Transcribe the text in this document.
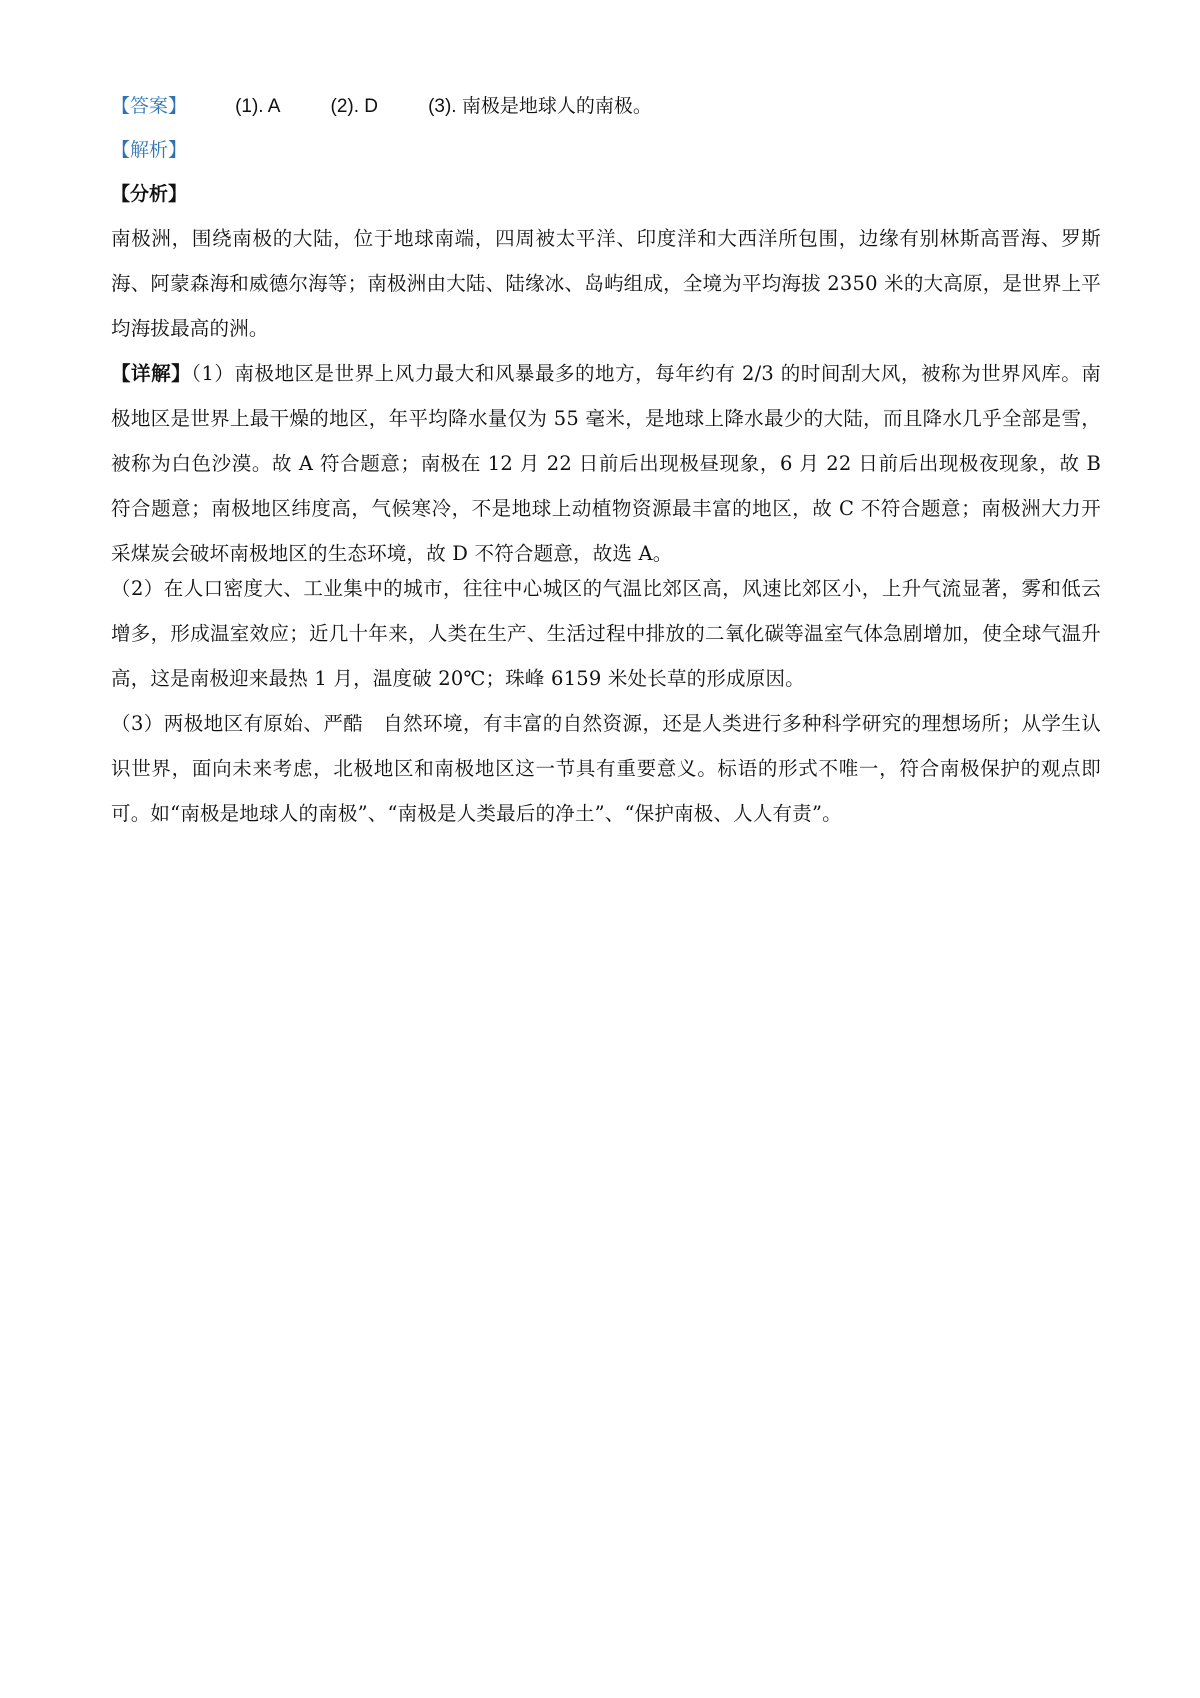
【答案】	(1). A	(2). D	(3). 南极是地球人的南极。
【解析】
【分析】
南极洲，围绕南极的大陆，位于地球南端，四周被太平洋、印度洋和大西洋所包围，边缘有别林斯高晋海、罗斯海、阿蒙森海和威德尔海等；南极洲由大陆、陆缘冰、岛屿组成，全境为平均海拔 2350 米的大高原，是世界上平均海拔最高的洲。
【详解】（1）南极地区是世界上风力最大和风暴最多的地方，每年约有 2/3 的时间刮大风，被称为世界风库。南极地区是世界上最干燥的地区，年平均降水量仅为 55 毫米，是地球上降水最少的大陆，而且降水几乎全部是雪，被称为白色沙漠。故 A 符合题意；南极在 12 月 22 日前后出现极昼现象，6 月 22 日前后出现极夜现象，故 B 符合题意；南极地区纬度高，气候寒冷，不是地球上动植物资源最丰富的地区，故 C 不符合题意；南极洲大力开采煤炭会破坏南极地区的生态环境，故 D 不符合题意，故选 A。
（2）在人口密度大、工业集中的城市，往往中心城区的气温比郊区高，风速比郊区小，上升气流显著，雾和低云增多，形成温室效应；近几十年来，人类在生产、生活过程中排放的二氧化碳等温室气体急剧增加，使全球气温升高，这是南极迎来最热 1 月，温度破 20℃；珠峰 6159 米处长草的形成原因。
（3）两极地区有原始、严酷　自然环境，有丰富的自然资源，还是人类进行多种科学研究的理想场所；从学生认识世界，面向未来考虑，北极地区和南极地区这一节具有重要意义。标语的形式不唯一，符合南极保护的观点即可。如“南极是地球人的南极”、“南极是人类最后的净土”、“保护南极、人人有责”。
